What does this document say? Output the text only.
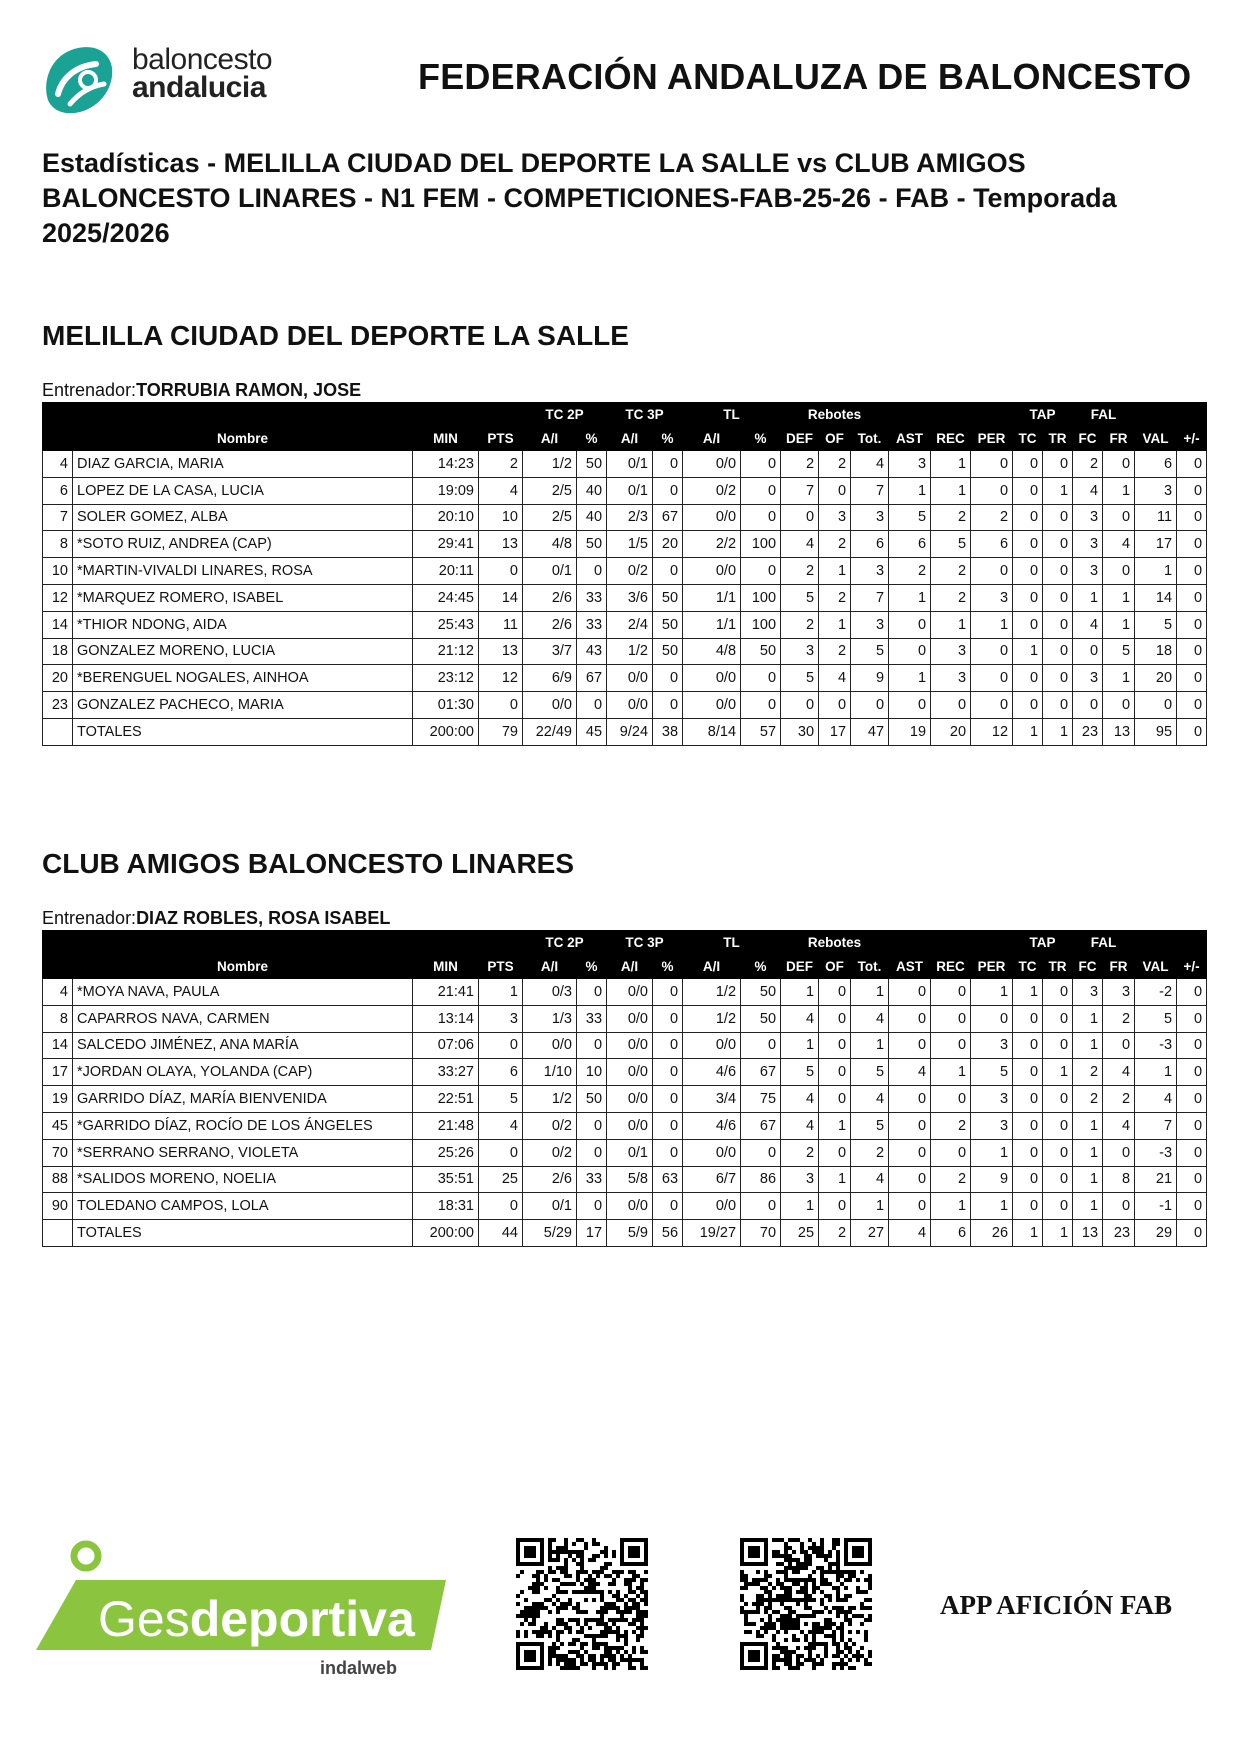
baloncesto
andalucia	FEDERACIÓN ANDALUZA DE BALONCESTO
Estadísticas - MELILLA CIUDAD DEL DEPORTE LA SALLE vs CLUB AMIGOS BALONCESTO LINARES - N1 FEM - COMPETICIONES-FAB-25-26 - FAB - Temporada 2025/2026
MELILLA CIUDAD DEL DEPORTE LA SALLE
Entrenador:TORRUBIA RAMON, JOSE
				TC 2P		TC 3P		TL		Rebotes						TAP		FAL			
	Nombre	MIN	PTS	A/I	%	A/I	%	A/I	%	DEF	OF	Tot.	AST	REC	PER	TC	TR	FC	FR	VAL	+/-
4	DIAZ GARCIA, MARIA	14:23	2	1/2	50	0/1	0	0/0	0	2	2	4	3	1	0	0	0	2	0	6	0
6	LOPEZ DE LA CASA, LUCIA	19:09	4	2/5	40	0/1	0	0/2	0	7	0	7	1	1	0	0	1	4	1	3	0
7	SOLER GOMEZ, ALBA	20:10	10	2/5	40	2/3	67	0/0	0	0	3	3	5	2	2	0	0	3	0	11	0
8	*SOTO RUIZ, ANDREA (CAP)	29:41	13	4/8	50	1/5	20	2/2	100	4	2	6	6	5	6	0	0	3	4	17	0
10	*MARTIN-VIVALDI LINARES, ROSA	20:11	0	0/1	0	0/2	0	0/0	0	2	1	3	2	2	0	0	0	3	0	1	0
12	*MARQUEZ ROMERO, ISABEL	24:45	14	2/6	33	3/6	50	1/1	100	5	2	7	1	2	3	0	0	1	1	14	0
14	*THIOR NDONG, AIDA	25:43	11	2/6	33	2/4	50	1/1	100	2	1	3	0	1	1	0	0	4	1	5	0
18	GONZALEZ MORENO, LUCIA	21:12	13	3/7	43	1/2	50	4/8	50	3	2	5	0	3	0	1	0	0	5	18	0
20	*BERENGUEL NOGALES, AINHOA	23:12	12	6/9	67	0/0	0	0/0	0	5	4	9	1	3	0	0	0	3	1	20	0
23	GONZALEZ PACHECO, MARIA	01:30	0	0/0	0	0/0	0	0/0	0	0	0	0	0	0	0	0	0	0	0	0	0
	TOTALES	200:00	79	22/49	45	9/24	38	8/14	57	30	17	47	19	20	12	1	1	23	13	95	0
CLUB AMIGOS BALONCESTO LINARES
Entrenador:DIAZ ROBLES, ROSA ISABEL
				TC 2P		TC 3P		TL		Rebotes						TAP		FAL			
	Nombre	MIN	PTS	A/I	%	A/I	%	A/I	%	DEF	OF	Tot.	AST	REC	PER	TC	TR	FC	FR	VAL	+/-
4	*MOYA NAVA, PAULA	21:41	1	0/3	0	0/0	0	1/2	50	1	0	1	0	0	1	1	0	3	3	-2	0
8	CAPARROS NAVA, CARMEN	13:14	3	1/3	33	0/0	0	1/2	50	4	0	4	0	0	0	0	0	1	2	5	0
14	SALCEDO JIMÉNEZ, ANA MARÍA	07:06	0	0/0	0	0/0	0	0/0	0	1	0	1	0	0	3	0	0	1	0	-3	0
17	*JORDAN OLAYA, YOLANDA (CAP)	33:27	6	1/10	10	0/0	0	4/6	67	5	0	5	4	1	5	0	1	2	4	1	0
19	GARRIDO DÍAZ, MARÍA BIENVENIDA	22:51	5	1/2	50	0/0	0	3/4	75	4	0	4	0	0	3	0	0	2	2	4	0
45	*GARRIDO DÍAZ, ROCÍO DE LOS ÁNGELES	21:48	4	0/2	0	0/0	0	4/6	67	4	1	5	0	2	3	0	0	1	4	7	0
70	*SERRANO SERRANO, VIOLETA	25:26	0	0/2	0	0/1	0	0/0	0	2	0	2	0	0	1	0	0	1	0	-3	0
88	*SALIDOS MORENO, NOELIA	35:51	25	2/6	33	5/8	63	6/7	86	3	1	4	0	2	9	0	0	1	8	21	0
90	TOLEDANO CAMPOS, LOLA	18:31	0	0/1	0	0/0	0	0/0	0	1	0	1	0	1	1	0	0	1	0	-1	0
	TOTALES	200:00	44	5/29	17	5/9	56	19/27	70	25	2	27	4	6	26	1	1	13	23	29	0
Gesdeportiva
indalweb
APP AFICIÓN FAB
